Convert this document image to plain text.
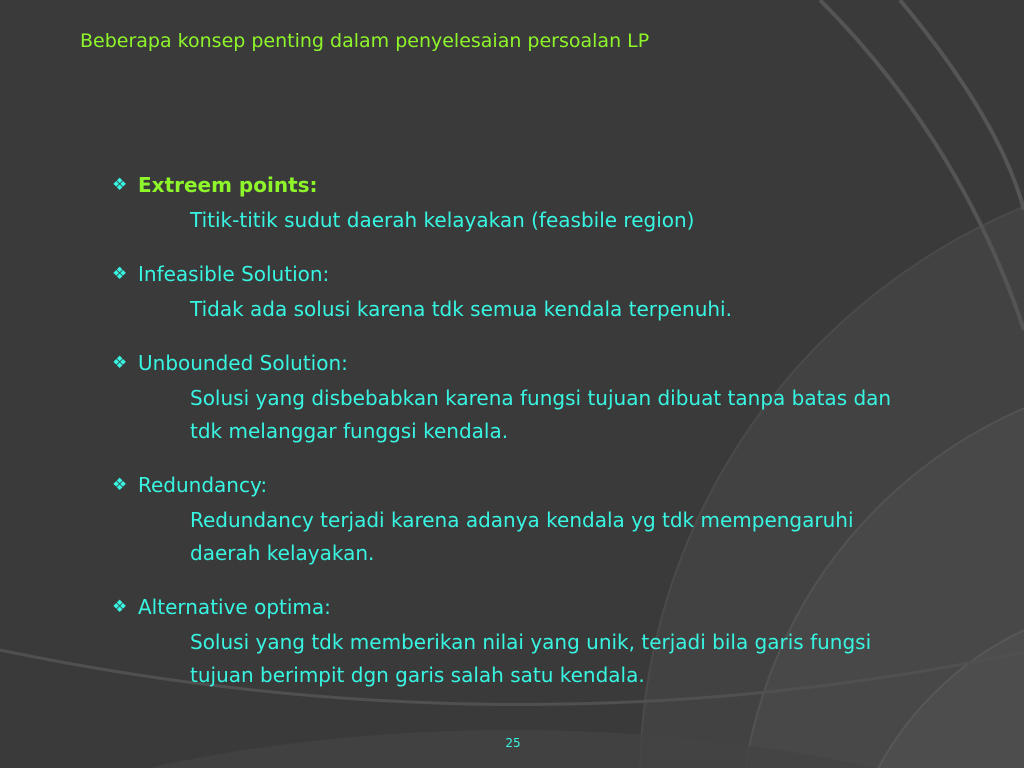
Beberapa konsep penting dalam penyelesaian persoalan LP
❖ Extreem points:
Titik-titik sudut daerah kelayakan (feasbile region)
❖ Infeasible Solution:
Tidak ada solusi karena tdk semua kendala terpenuhi.
❖ Unbounded Solution:
Solusi yang disbebabkan karena fungsi tujuan dibuat tanpa batas dan tdk melanggar funggsi kendala.
❖ Redundancy:
Redundancy terjadi karena adanya kendala yg tdk mempengaruhi daerah kelayakan.
❖ Alternative optima:
Solusi yang tdk memberikan nilai yang unik, terjadi bila garis fungsi tujuan berimpit dgn garis salah satu kendala.
25
